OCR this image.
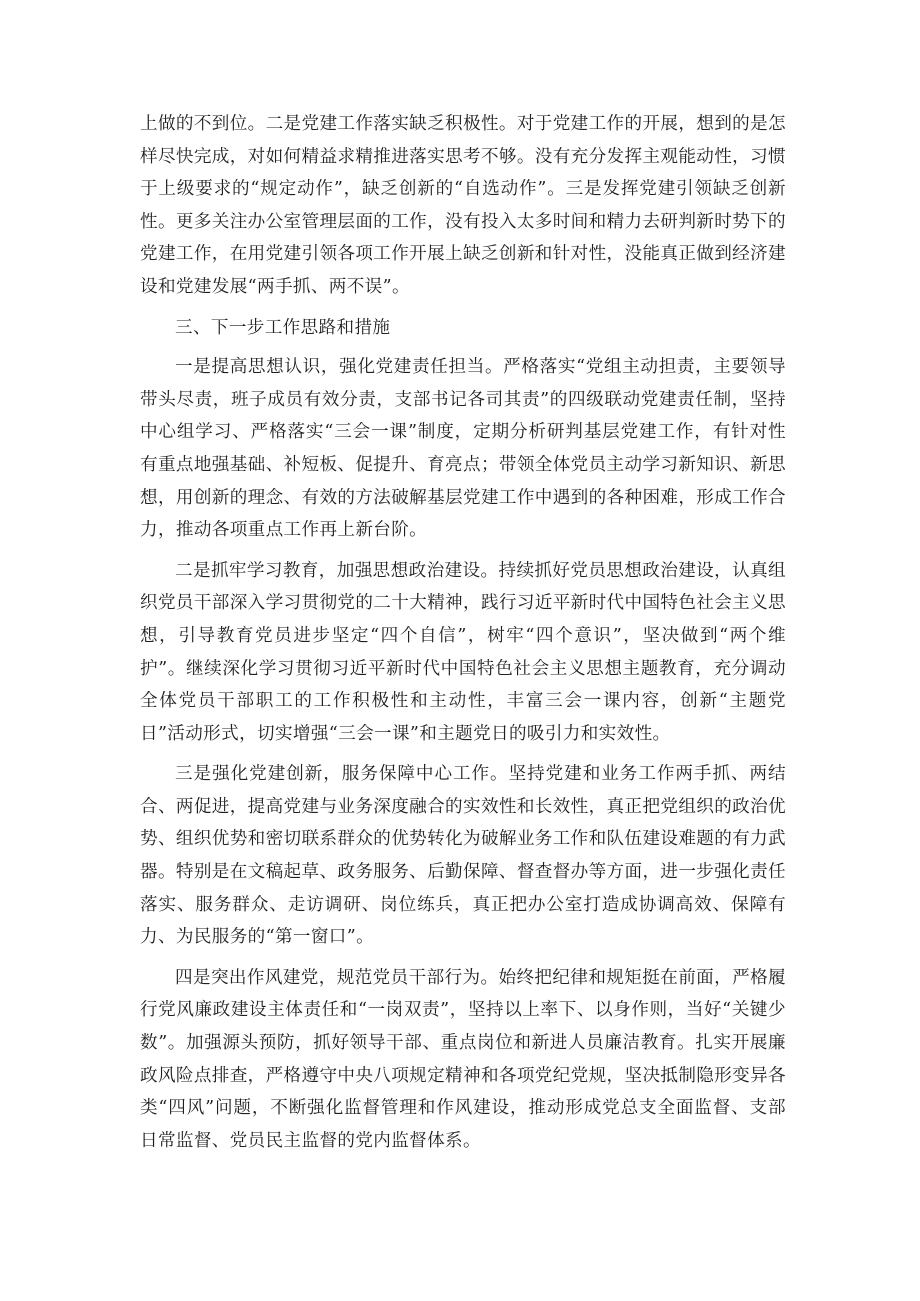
上做的不到位。二是党建工作落实缺乏积极性。对于党建工作的开展，想到的是怎样尽快完成，对如何精益求精推进落实思考不够。没有充分发挥主观能动性，习惯于上级要求的“规定动作”，缺乏创新的“自选动作”。三是发挥党建引领缺乏创新性。更多关注办公室管理层面的工作，没有投入太多时间和精力去研判新时势下的党建工作，在用党建引领各项工作开展上缺乏创新和针对性，没能真正做到经济建设和党建发展“两手抓、两不误”。

三、下一步工作思路和措施

一是提高思想认识，强化党建责任担当。严格落实“党组主动担责，主要领导带头尽责，班子成员有效分责，支部书记各司其责”的四级联动党建责任制，坚持中心组学习、严格落实“三会一课”制度，定期分析研判基层党建工作，有针对性有重点地强基础、补短板、促提升、育亮点；带领全体党员主动学习新知识、新思想，用创新的理念、有效的方法破解基层党建工作中遇到的各种困难，形成工作合力，推动各项重点工作再上新台阶。

二是抓牢学习教育，加强思想政治建设。持续抓好党员思想政治建设，认真组织党员干部深入学习贯彻党的二十大精神，践行习近平新时代中国特色社会主义思想，引导教育党员进步坚定“四个自信”，树牢“四个意识”，坚决做到“两个维护”。继续深化学习贯彻习近平新时代中国特色社会主义思想主题教育，充分调动全体党员干部职工的工作积极性和主动性，丰富三会一课内容，创新“主题党日”活动形式，切实增强“三会一课”和主题党日的吸引力和实效性。

三是强化党建创新，服务保障中心工作。坚持党建和业务工作两手抓、两结合、两促进，提高党建与业务深度融合的实效性和长效性，真正把党组织的政治优势、组织优势和密切联系群众的优势转化为破解业务工作和队伍建设难题的有力武器。特别是在文稿起草、政务服务、后勤保障、督查督办等方面，进一步强化责任落实、服务群众、走访调研、岗位练兵，真正把办公室打造成协调高效、保障有力、为民服务的“第一窗口”。

四是突出作风建党，规范党员干部行为。始终把纪律和规矩挺在前面，严格履行党风廉政建设主体责任和“一岗双责”，坚持以上率下、以身作则，当好“关键少数”。加强源头预防，抓好领导干部、重点岗位和新进人员廉洁教育。扎实开展廉政风险点排查，严格遵守中央八项规定精神和各项党纪党规，坚决抵制隐形变异各类“四风”问题，不断强化监督管理和作风建设，推动形成党总支全面监督、支部日常监督、党员民主监督的党内监督体系。
